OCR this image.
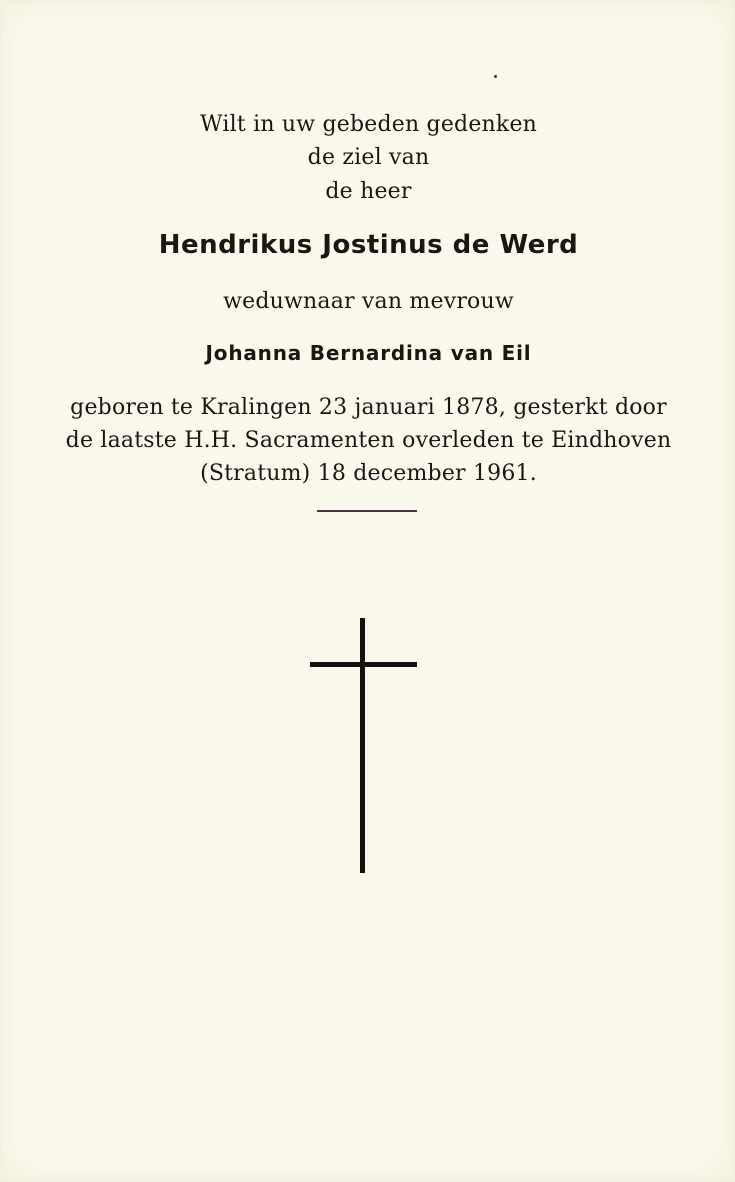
Wilt in uw gebeden gedenken
de ziel van
de heer
Hendrikus Jostinus de Werd
weduwnaar van mevrouw
Johanna Bernardina van Eil
geboren te Kralingen 23 januari 1878, gesterkt door
de laatste H.H. Sacramenten overleden te Eindhoven
(Stratum) 18 december 1961.
